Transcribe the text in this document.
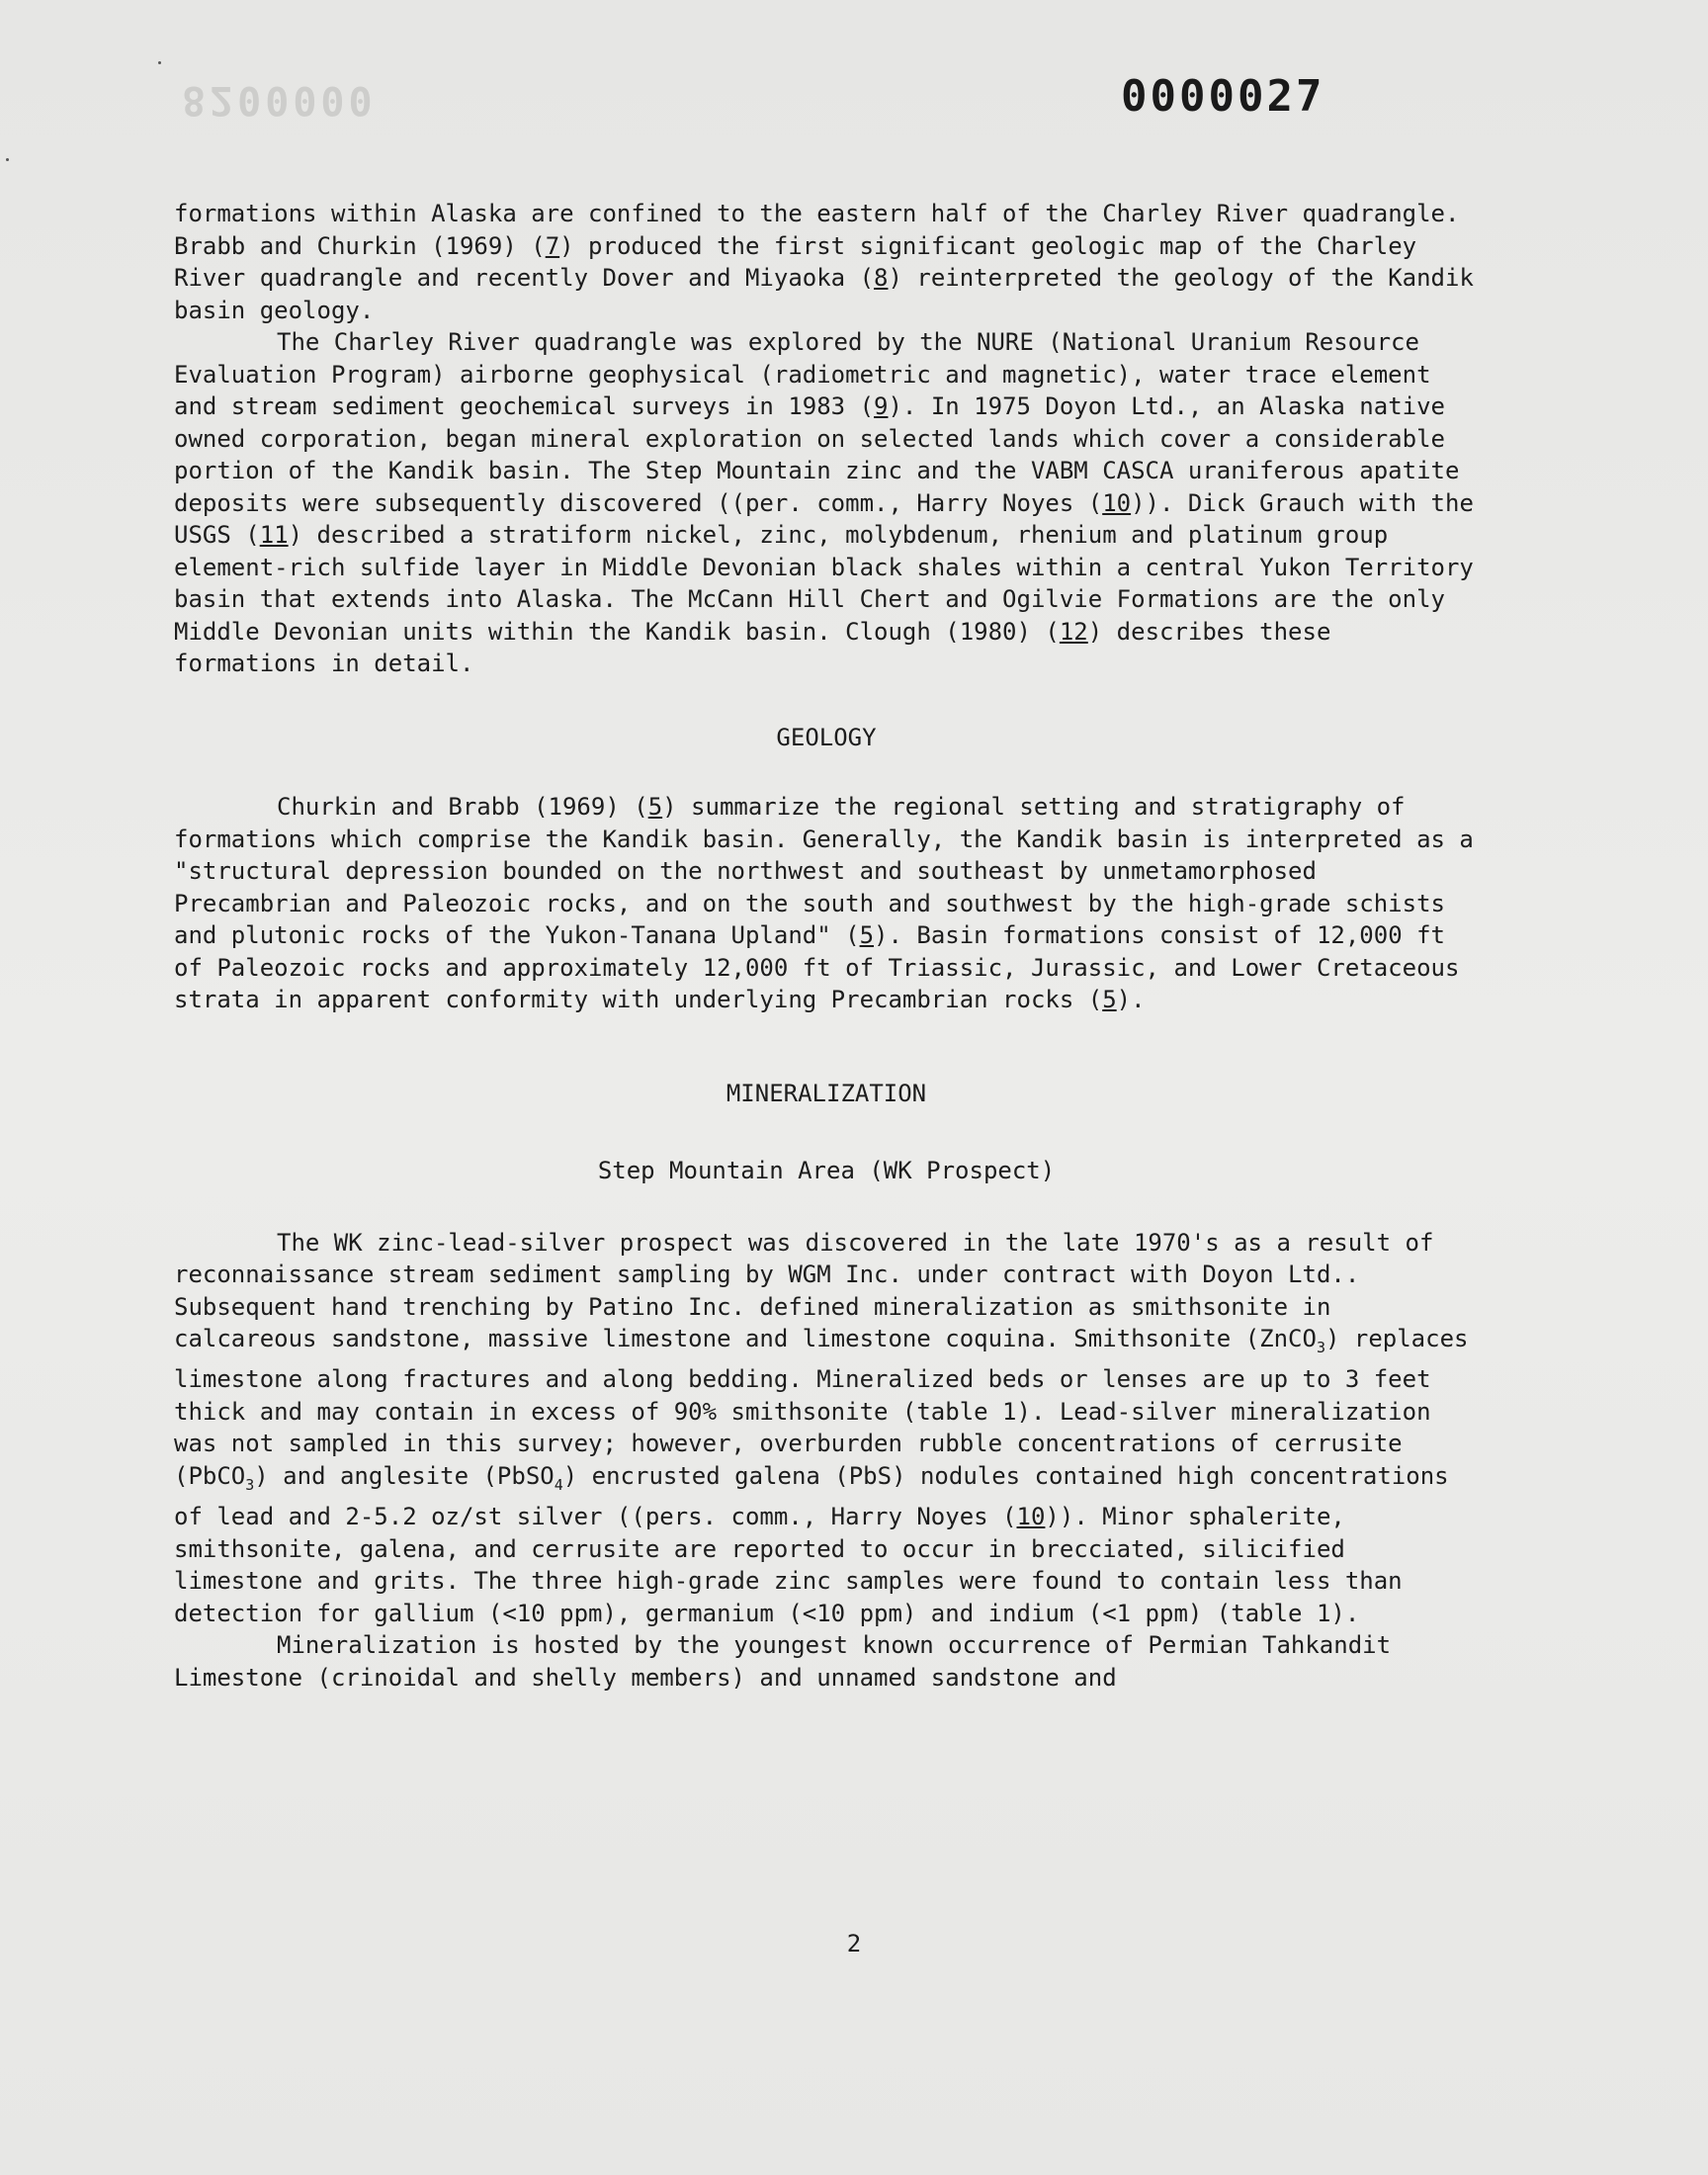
8200000	0000027

formations within Alaska are confined to the eastern half of the Charley River quadrangle. Brabb and Churkin (1969) (7) produced the first significant geologic map of the Charley River quadrangle and recently Dover and Miyaoka (8) reinterpreted the geology of the Kandik basin geology.

The Charley River quadrangle was explored by the NURE (National Uranium Resource Evaluation Program) airborne geophysical (radiometric and magnetic), water trace element and stream sediment geochemical surveys in 1983 (9). In 1975 Doyon Ltd., an Alaska native owned corporation, began mineral exploration on selected lands which cover a considerable portion of the Kandik basin. The Step Mountain zinc and the VABM CASCA uraniferous apatite deposits were subsequently discovered ((per. comm., Harry Noyes (10)). Dick Grauch with the USGS (11) described a stratiform nickel, zinc, molybdenum, rhenium and platinum group element-rich sulfide layer in Middle Devonian black shales within a central Yukon Territory basin that extends into Alaska. The McCann Hill Chert and Ogilvie Formations are the only Middle Devonian units within the Kandik basin. Clough (1980) (12) describes these formations in detail.

GEOLOGY

Churkin and Brabb (1969) (5) summarize the regional setting and stratigraphy of formations which comprise the Kandik basin. Generally, the Kandik basin is interpreted as a "structural depression bounded on the northwest and southeast by unmetamorphosed Precambrian and Paleozoic rocks, and on the south and southwest by the high-grade schists and plutonic rocks of the Yukon-Tanana Upland" (5). Basin formations consist of 12,000 ft of Paleozoic rocks and approximately 12,000 ft of Triassic, Jurassic, and Lower Cretaceous strata in apparent conformity with underlying Precambrian rocks (5).

MINERALIZATION

Step Mountain Area (WK Prospect)

The WK zinc-lead-silver prospect was discovered in the late 1970's as a result of reconnaissance stream sediment sampling by WGM Inc. under contract with Doyon Ltd.. Subsequent hand trenching by Patino Inc. defined mineralization as smithsonite in calcareous sandstone, massive limestone and limestone coquina. Smithsonite (ZnCO$_3$) replaces limestone along fractures and along bedding. Mineralized beds or lenses are up to 3 feet thick and may contain in excess of 90% smithsonite (table 1). Lead-silver mineralization was not sampled in this survey; however, overburden rubble concentrations of cerrusite (PbCO$_3$) and anglesite (PbSO$_4$) encrusted galena (PbS) nodules contained high concentrations of lead and 2-5.2 oz/st silver ((pers. comm., Harry Noyes (10)). Minor sphalerite, smithsonite, galena, and cerrusite are reported to occur in brecciated, silicified limestone and grits. The three high-grade zinc samples were found to contain less than detection for gallium (<10 ppm), germanium (<10 ppm) and indium (<1 ppm) (table 1).

Mineralization is hosted by the youngest known occurrence of Permian Tahkandit Limestone (crinoidal and shelly members) and unnamed sandstone and

2
